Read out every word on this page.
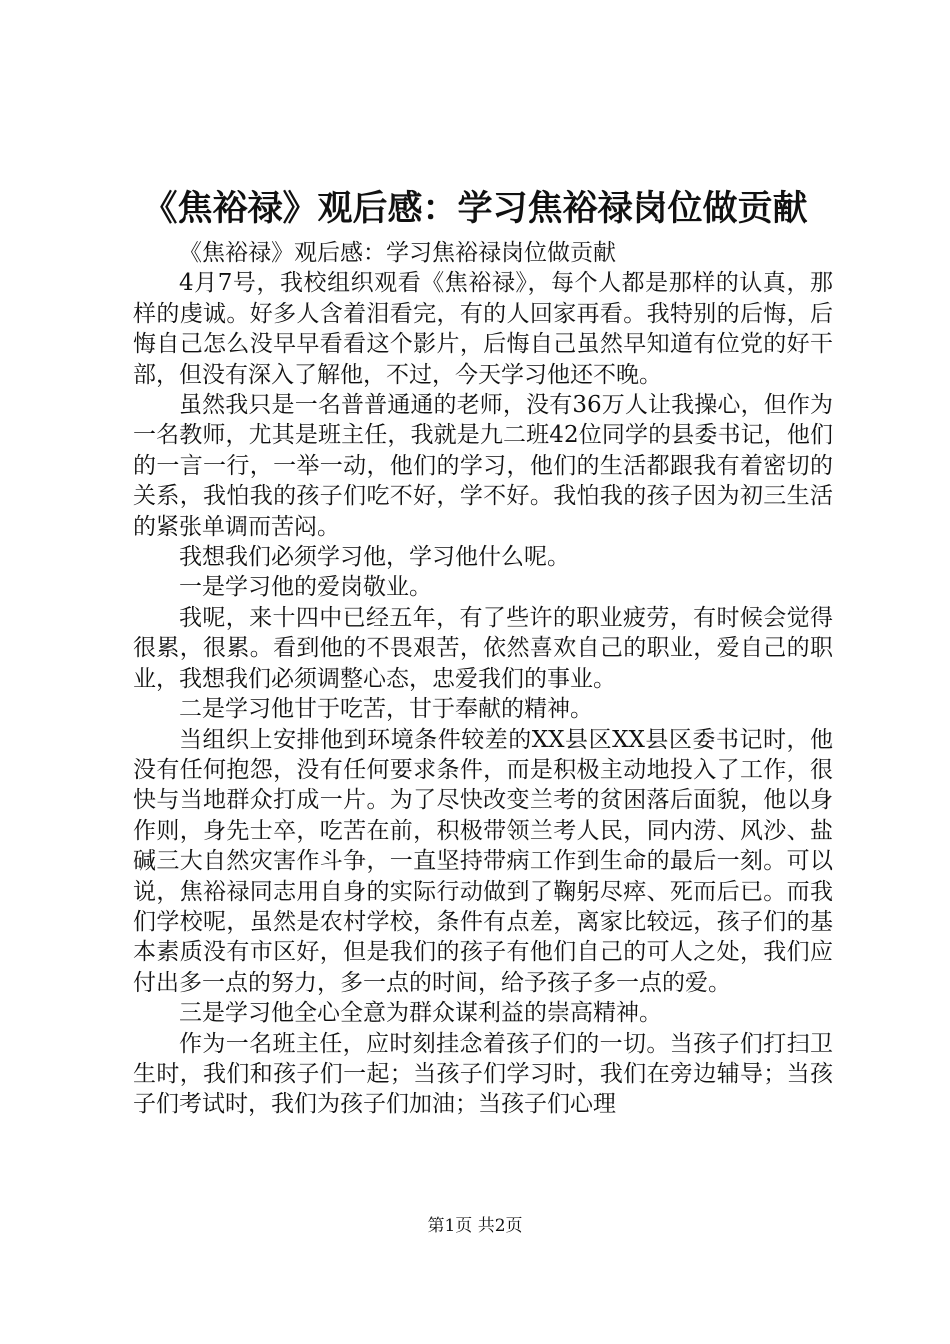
《焦裕禄》观后感：学习焦裕禄岗位做贡献

《焦裕禄》观后感：学习焦裕禄岗位做贡献

4月7号，我校组织观看《焦裕禄》，每个人都是那样的认真，那样的虔诚。好多人含着泪看完，有的人回家再看。我特别的后悔，后悔自己怎么没早早看看这个影片，后悔自己虽然早知道有位党的好干部，但没有深入了解他，不过，今天学习他还不晚。

虽然我只是一名普普通通的老师，没有36万人让我操心，但作为一名教师，尤其是班主任，我就是九二班42位同学的县委书记，他们的一言一行，一举一动，他们的学习，他们的生活都跟我有着密切的关系，我怕我的孩子们吃不好，学不好。我怕我的孩子因为初三生活的紧张单调而苦闷。

我想我们必须学习他，学习他什么呢。

一是学习他的爱岗敬业。

我呢，来十四中已经五年，有了些许的职业疲劳，有时候会觉得很累，很累。看到他的不畏艰苦，依然喜欢自己的职业，爱自己的职业，我想我们必须调整心态，忠爱我们的事业。

二是学习他甘于吃苦，甘于奉献的精神。

当组织上安排他到环境条件较差的XX县区XX县区委书记时，他没有任何抱怨，没有任何要求条件，而是积极主动地投入了工作，很快与当地群众打成一片。为了尽快改变兰考的贫困落后面貌，他以身作则，身先士卒，吃苦在前，积极带领兰考人民，同内涝、风沙、盐碱三大自然灾害作斗争，一直坚持带病工作到生命的最后一刻。可以说，焦裕禄同志用自身的实际行动做到了鞠躬尽瘁、死而后已。而我们学校呢，虽然是农村学校，条件有点差，离家比较远，孩子们的基本素质没有市区好，但是我们的孩子有他们自己的可人之处，我们应付出多一点的努力，多一点的时间，给予孩子多一点的爱。

三是学习他全心全意为群众谋利益的崇高精神。

作为一名班主任，应时刻挂念着孩子们的一切。当孩子们打扫卫生时，我们和孩子们一起；当孩子们学习时，我们在旁边辅导；当孩子们考试时，我们为孩子们加油；当孩子们心理

第1页 共2页
